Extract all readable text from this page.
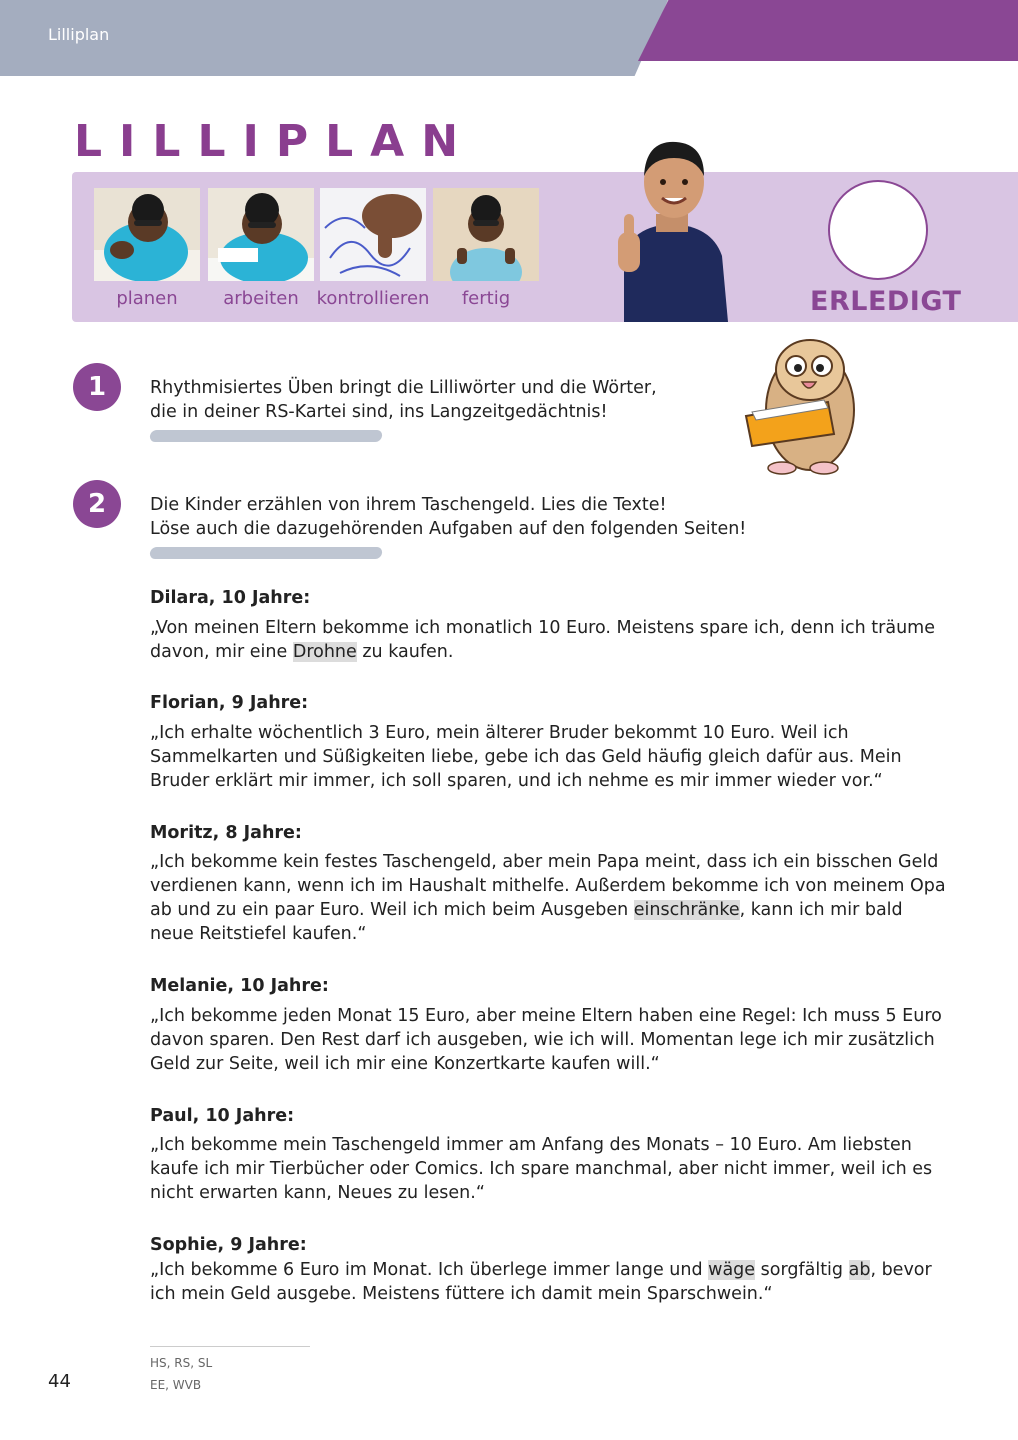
Lilliplan
LILLIPLAN
planen	arbeiten kontrollieren	fertig	ERLEDIGT
1	Rhythmisiertes Üben bringt die Lilliwörter und die Wörter,
die in deiner RS-Kartei sind, ins Langzeitgedächtnis!
2	Die Kinder erzählen von ihrem Taschengeld. Lies die Texte!
Löse auch die dazugehörenden Aufgaben auf den folgenden Seiten!
Dilara, 10 Jahre:
„Von meinen Eltern bekomme ich monatlich 10 Euro. Meistens spare ich, denn ich träume davon, mir eine Drohne zu kaufen.
Florian, 9 Jahre:
„Ich erhalte wöchentlich 3 Euro, mein älterer Bruder bekommt 10 Euro. Weil ich Sammelkarten und Süßigkeiten liebe, gebe ich das Geld häufig gleich dafür aus. Mein Bruder erklärt mir immer, ich soll sparen, und ich nehme es mir immer wieder vor.“
Moritz, 8 Jahre:
„Ich bekomme kein festes Taschengeld, aber mein Papa meint, dass ich ein bisschen Geld verdienen kann, wenn ich im Haushalt mithelfe. Außerdem bekomme ich von meinem Opa ab und zu ein paar Euro. Weil ich mich beim Ausgeben einschränke, kann ich mir bald neue Reitstiefel kaufen.“
Melanie, 10 Jahre:
„Ich bekomme jeden Monat 15 Euro, aber meine Eltern haben eine Regel: Ich muss 5 Euro davon sparen. Den Rest darf ich ausgeben, wie ich will. Momentan lege ich mir zusätzlich Geld zur Seite, weil ich mir eine Konzertkarte kaufen will.“
Paul, 10 Jahre:
„Ich bekomme mein Taschengeld immer am Anfang des Monats – 10 Euro. Am liebsten kaufe ich mir Tierbücher oder Comics. Ich spare manchmal, aber nicht immer, weil ich es nicht erwarten kann, Neues zu lesen.“
Sophie, 9 Jahre:
„Ich bekomme 6 Euro im Monat. Ich überlege immer lange und wäge sorgfältig ab, bevor ich mein Geld ausgebe. Meistens füttere ich damit mein Sparschwein.“
HS, RS, SL
EE, WVB
44
